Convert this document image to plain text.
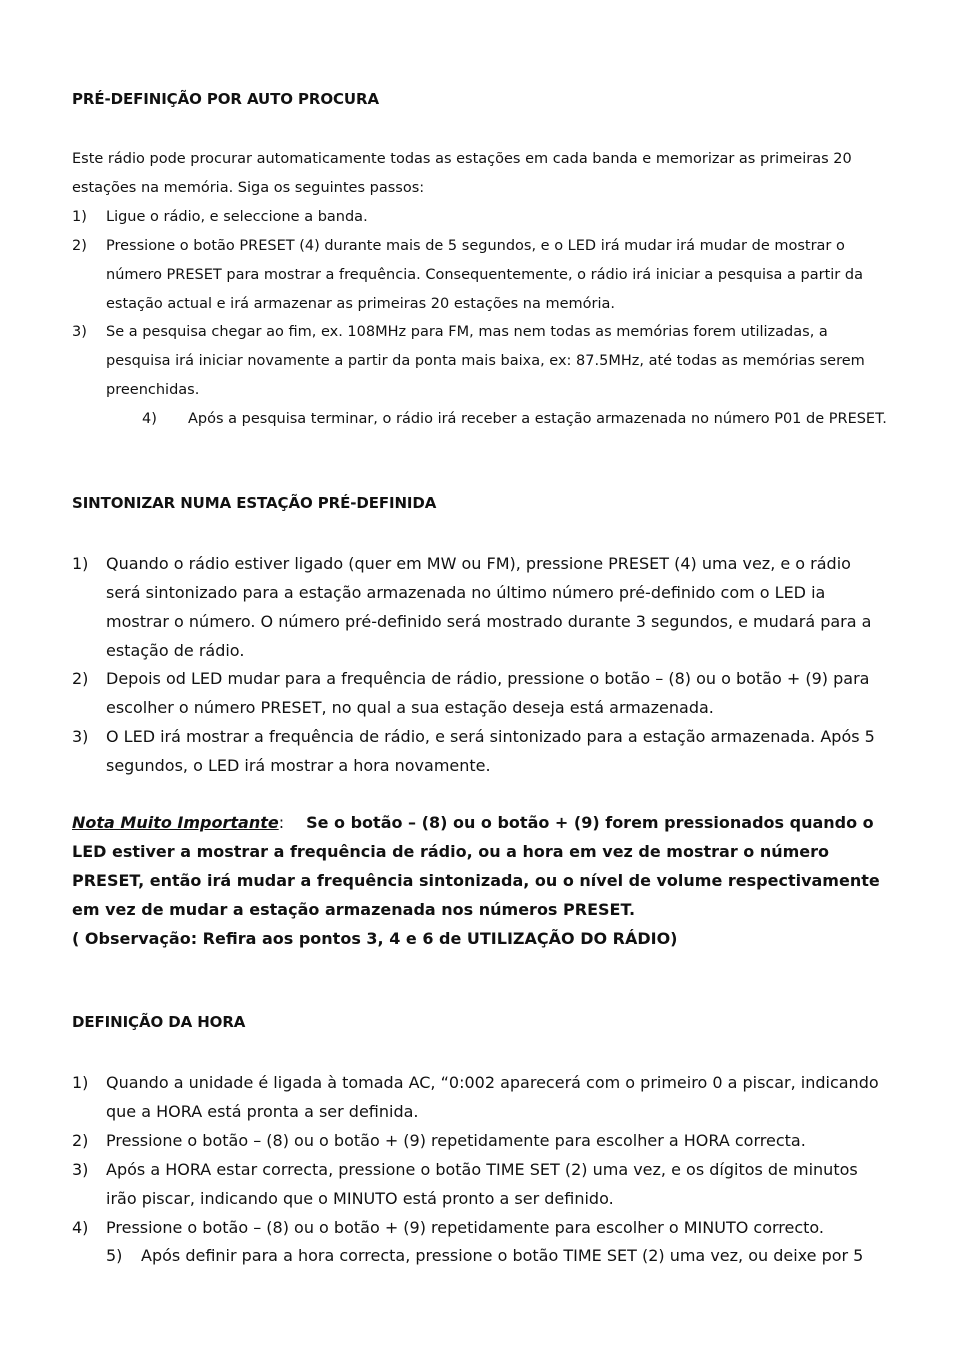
PRÉ-DEFINIÇÃO POR AUTO PROCURA
Este rádio pode procurar automaticamente todas as estações em cada banda e memorizar as primeiras 20 estações na memória. Siga os seguintes passos:
1) Ligue o rádio, e seleccione a banda.
2) Pressione o botão PRESET (4) durante mais de 5 segundos, e o LED irá mudar irá mudar de mostrar o número PRESET para mostrar a frequência. Consequentemente, o rádio irá iniciar a pesquisa a partir da estação actual e irá armazenar as primeiras 20 estações na memória.
3) Se a pesquisa chegar ao fim, ex. 108MHz para FM, mas nem todas as memórias forem utilizadas, a pesquisa irá iniciar novamente a partir da ponta mais baixa, ex: 87.5MHz, até todas as memórias serem preenchidas.
4) Após a pesquisa terminar, o rádio irá receber a estação armazenada no número P01 de PRESET.
SINTONIZAR NUMA ESTAÇÃO PRÉ-DEFINIDA
1) Quando o rádio estiver ligado (quer em MW ou FM), pressione PRESET (4) uma vez, e o rádio será sintonizado para a estação armazenada no último número pré-definido com o LED ia mostrar o número. O número pré-definido será mostrado durante 3 segundos, e mudará para a estação de rádio.
2) Depois od LED mudar para a frequência de rádio, pressione o botão – (8) ou o botão + (9) para escolher o número PRESET, no qual a sua estação deseja está armazenada.
3) O LED irá mostrar a frequência de rádio, e será sintonizado para a estação armazenada. Após 5 segundos, o LED irá mostrar a hora novamente.
Nota Muito Importante: Se o botão – (8) ou o botão + (9) forem pressionados quando o LED estiver a mostrar a frequência de rádio, ou a hora em vez de mostrar o número PRESET, então irá mudar a frequência sintonizada, ou o nível de volume respectivamente em vez de mudar a estação armazenada nos números PRESET.
( Observação: Refira aos pontos 3, 4 e 6 de UTILIZAÇÃO DO RÁDIO)
DEFINIÇÃO DA HORA
1) Quando a unidade é ligada à tomada AC, “0:002 aparecerá com o primeiro 0 a piscar, indicando que a HORA está pronta a ser definida.
2) Pressione o botão – (8) ou o botão + (9) repetidamente para escolher a HORA correcta.
3) Após a HORA estar correcta, pressione o botão TIME SET (2) uma vez, e os dígitos de minutos irão piscar, indicando que o MINUTO está pronto a ser definido.
4) Pressione o botão – (8) ou o botão + (9) repetidamente para escolher o MINUTO correcto.
5) Após definir para a hora correcta, pressione o botão TIME SET (2) uma vez, ou deixe por 5
